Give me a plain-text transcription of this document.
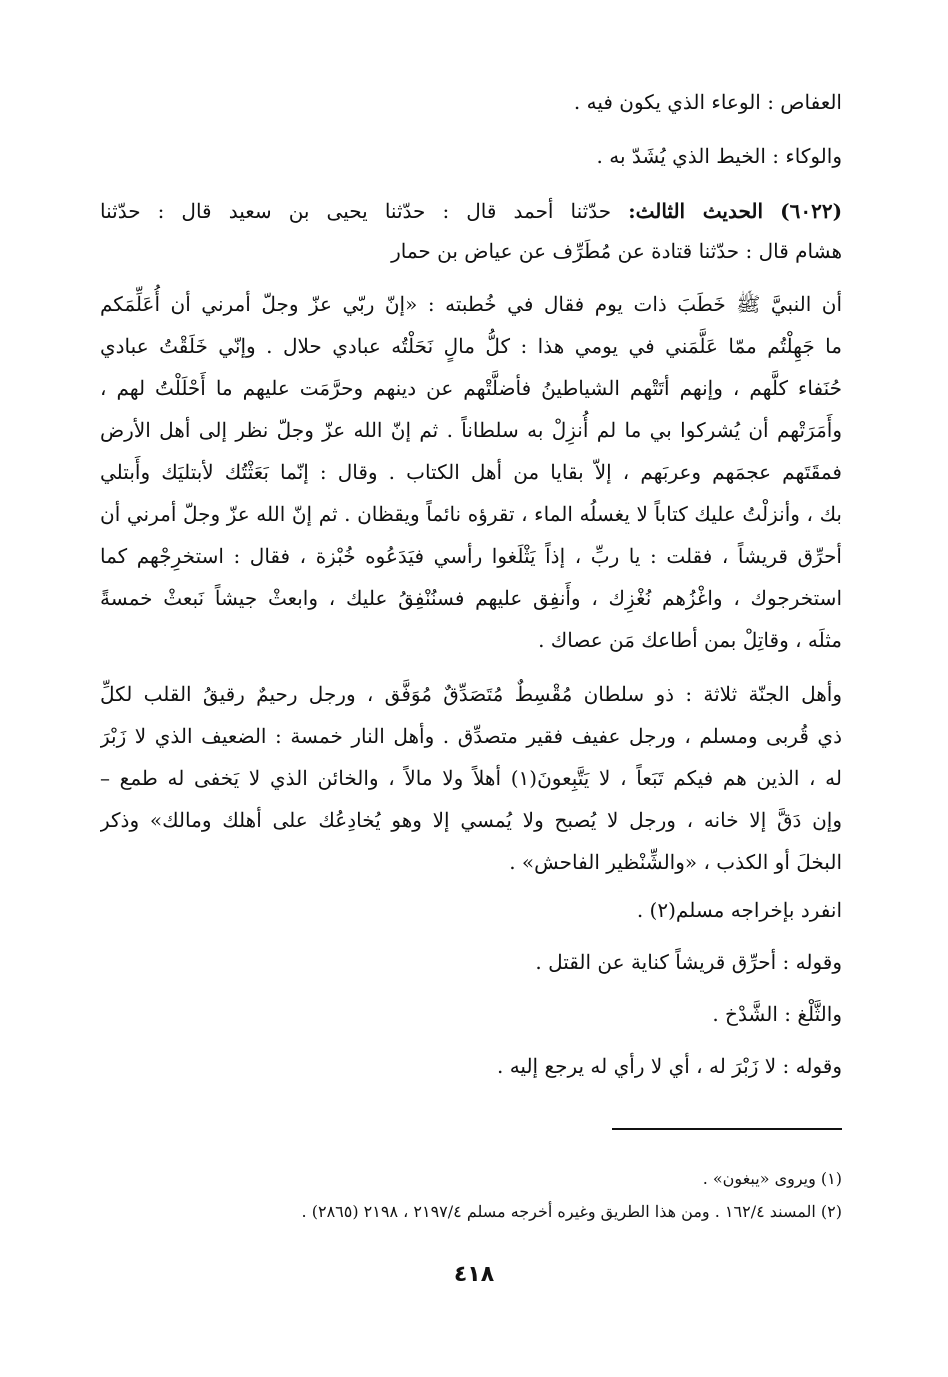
العفاص : الوعاء الذي يكون فيه .
والوكاء : الخيط الذي يُشَدّ به .
(٦٠٢٢) الحديث الثالث: حدّثنا أحمد قال : حدّثنا يحيى بن سعيد قال : حدّثنا
هشام قال : حدّثنا قتادة عن مُطَرِّف عن عياض بن حمار
أن النبيَّ ﷺ خَطَبَ ذات يوم فقال في خُطبته : «إنّ ربّي عزّ وجلّ أمرني أن أُعَلِّمَكم
ما جَهِلْتُم ممّا عَلَّمَني في يومي هذا : كلُّ مالٍ نَحَلْتُه عبادي حلال . وإنّي خَلَقْتُ عبادي
حُنَفاء كلَّهم ، وإنهم أتَتْهم الشياطينُ فأضلَّتْهم عن دينهم وحرَّمَت عليهم ما أَحْلَلْتُ لهم ،
وأَمَرَتْهم أن يُشركوا بي ما لم أُنزِلْ به سلطاناً . ثم إنّ الله عزّ وجلّ نظر إلى أهل الأرض
فمقَتَهم عجمَهم وعربَهم ، إلاّ بقايا من أهل الكتاب . وقال : إنّما بَعَثْتُك لأبتليَك وأَبتلي
بك ، وأنزلْتُ عليك كتاباً لا يغسلُه الماء ، تقرؤه نائماً ويقظان . ثم إنّ الله عزّ وجلّ أمرني أن
أحرِّق قريشاً ، فقلت : يا ربِّ ، إذاً يَثْلَغوا رأسي فيَدَعُوه خُبْزة ، فقال : استخرِجْهم كما
استخرجوك ، واغْزُهم نُغْزِك ، وأَنفِق عليهم فسنُنْفِقُ عليك ، وابعثْ جيشاً نَبعثْ خمسةً
مثلَه ، وقاتِلْ بمن أطاعك مَن عصاك .
وأهل الجنّة ثلاثة : ذو سلطان مُقْسِطٌ مُتَصَدِّقٌ مُوَفَّق ، ورجل رحيمٌ رقيقُ القلب لكلِّ
ذي قُربى ومسلم ، ورجل عفيف فقير متصدِّق . وأهل النار خمسة : الضعيف الذي لا زَبْرَ
له ، الذين هم فيكم تَبَعاً ، لا يَتَّبِعونَ(١) أهلاً ولا مالاً ، والخائن الذي لا يَخفى له طمع –
وإن دَقَّ إلا خانه ، ورجل لا يُصبح ولا يُمسي إلا وهو يُخادِعُك على أهلك ومالك» وذكر
البخلَ أو الكذب ، «والشِّنْظير الفاحش» .
انفرد بإخراجه مسلم(٢) .
وقوله : أحرِّق قريشاً كناية عن القتل .
والثَّلْغ : الشَّدْخ .
وقوله : لا زَبْرَ له ، أي لا رأي له يرجع إليه .
(١) ويروى «يبغون» .
(٢) المسند ١٦٢/٤ . ومن هذا الطريق وغيره أخرجه مسلم ٢١٩٧/٤ ، ٢١٩٨ (٢٨٦٥) .
٤١٨
